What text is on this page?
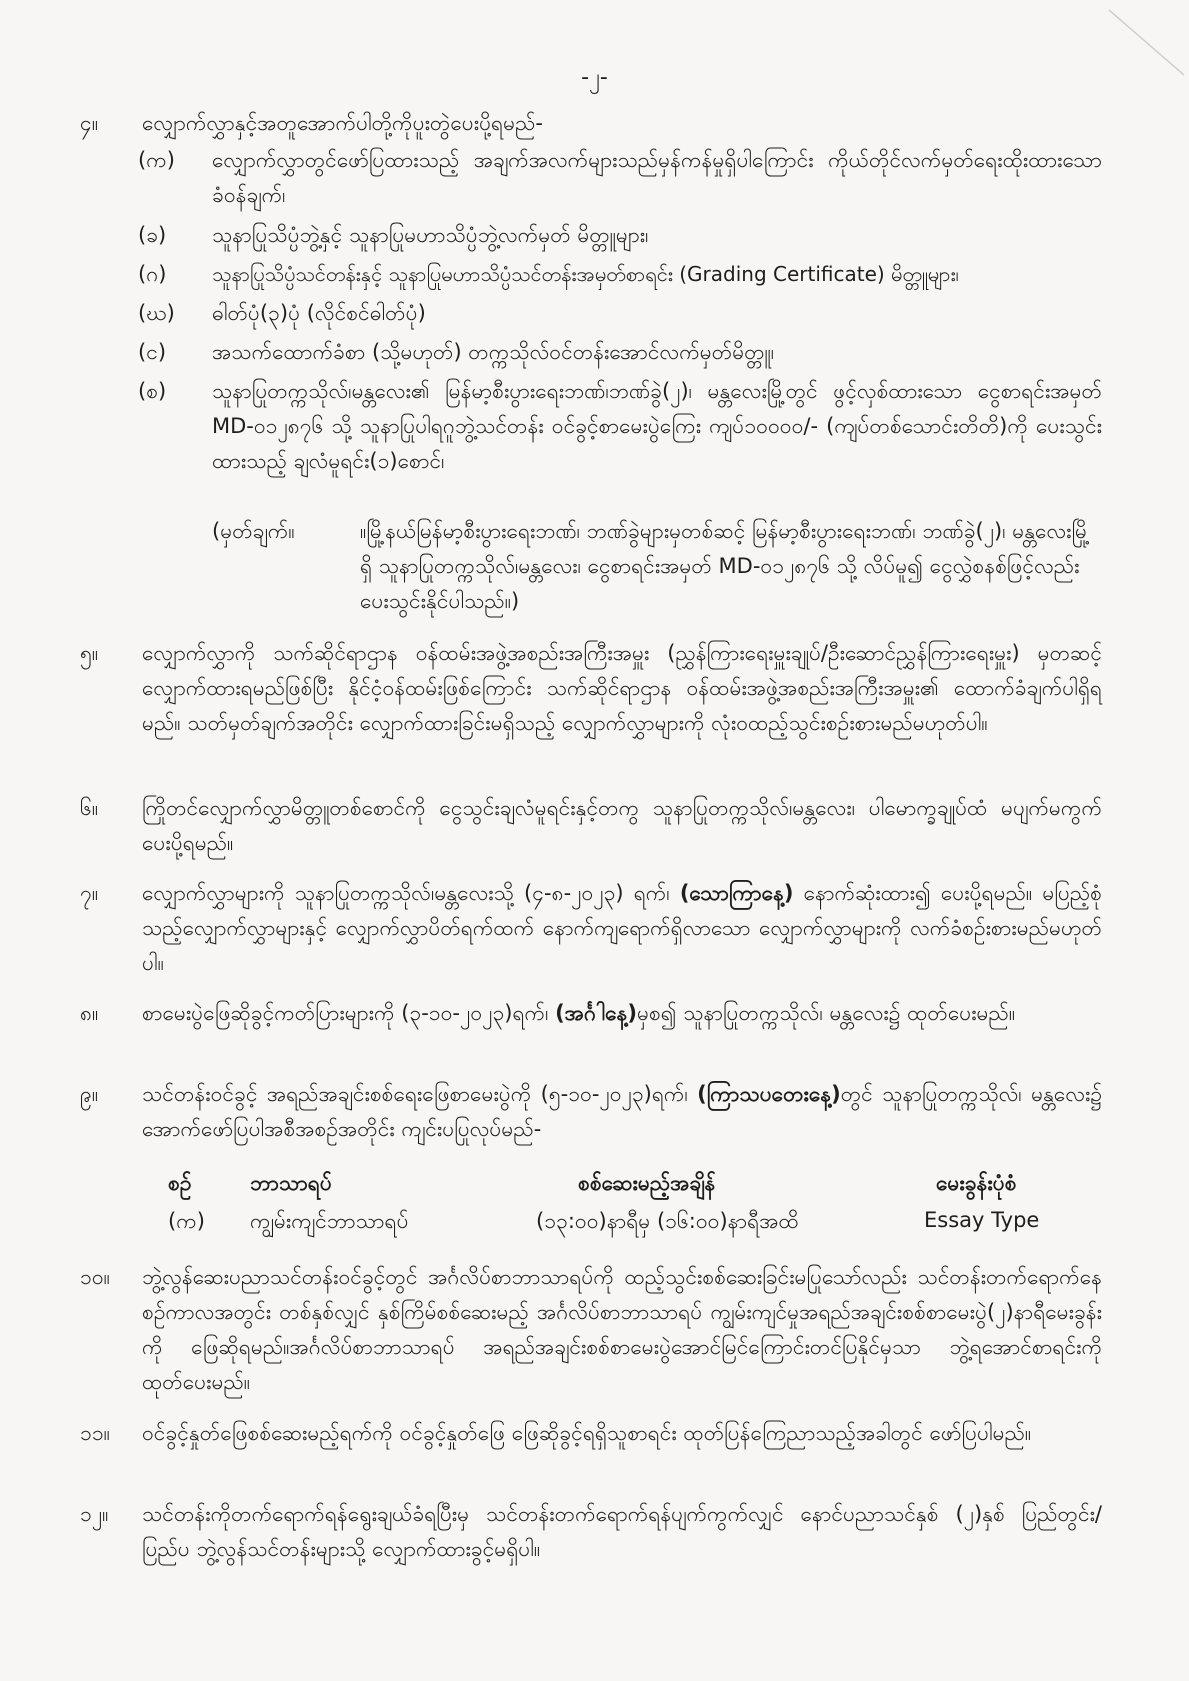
-၂-
၄။	လျှောက်လွှာနှင့်အတူအောက်ပါတို့ကိုပူးတွဲပေးပို့ရမည်-
(က)	လျှောက်လွှာတွင်ဖော်ပြထားသည့် အချက်အလက်များသည်မှန်ကန်မှုရှိပါကြောင်း ကိုယ်တိုင်လက်မှတ်ရေးထိုးထားသော ခံဝန်ချက်၊
(ခ)	သူနာပြုသိပ္ပံဘွဲ့နှင့် သူနာပြုမဟာသိပ္ပံဘွဲ့လက်မှတ် မိတ္တူများ၊
(ဂ)	သူနာပြုသိပ္ပံသင်တန်းနှင့် သူနာပြုမဟာသိပ္ပံသင်တန်းအမှတ်စာရင်း (Grading Certificate) မိတ္တူများ၊
(ဃ)	ဓါတ်ပုံ(၃)ပုံ (လိုင်စင်ဓါတ်ပုံ)
(င)	အသက်ထောက်ခံစာ (သို့မဟုတ်) တက္ကသိုလ်ဝင်တန်းအောင်လက်မှတ်မိတ္တူ၊
(စ)	သူနာပြုတက္ကသိုလ်၊မန္တလေး၏ မြန်မာ့စီးပွားရေးဘဏ်၊ဘဏ်ခွဲ(၂)၊ မန္တလေးမြို့တွင် ဖွင့်လှစ်ထားသော ငွေစာရင်းအမှတ် MD-၀၁၂၈၇၆ သို့ သူနာပြုပါရဂူဘွဲ့သင်တန်း ဝင်ခွင့်စာမေးပွဲကြေး ကျပ်၁၀၀၀၀/- (ကျပ်တစ်သောင်းတိတိ)ကို ပေးသွင်းထားသည့် ချလံမူရင်း(၁)စောင်၊
(မှတ်ချက်။	။မြို့နယ်မြန်မာ့စီးပွားရေးဘဏ်၊ ဘဏ်ခွဲများမှတစ်ဆင့် မြန်မာ့စီးပွားရေးဘဏ်၊ ဘဏ်ခွဲ(၂)၊ မန္တလေးမြို့ရှိ သူနာပြုတက္ကသိုလ်၊မန္တလေး၊ ငွေစာရင်းအမှတ် MD-၀၁၂၈၇၆ သို့ လိပ်မူ၍ ငွေလွှဲစနစ်ဖြင့်လည်း ပေးသွင်းနိုင်ပါသည်။)
၅။	လျှောက်လွှာကို သက်ဆိုင်ရာဌာန ဝန်ထမ်းအဖွဲ့အစည်းအကြီးအမှူး (ညွှန်ကြားရေးမှူးချုပ်/ဦးဆောင်ညွှန်ကြားရေးမှူး) မှတဆင့် လျှောက်ထားရမည်ဖြစ်ပြီး နိုင်ငံ့ဝန်ထမ်းဖြစ်ကြောင်း သက်ဆိုင်ရာဌာန ဝန်ထမ်းအဖွဲ့အစည်းအကြီးအမှူး၏ ထောက်ခံချက်ပါရှိရမည်။ သတ်မှတ်ချက်အတိုင်း လျှောက်ထားခြင်းမရှိသည့် လျှောက်လွှာများကို လုံးဝထည့်သွင်းစဉ်းစားမည်မဟုတ်ပါ။
၆။	ကြိုတင်လျှောက်လွှာမိတ္တူတစ်စောင်ကို ငွေသွင်းချလံမူရင်းနှင့်တကွ သူနာပြုတက္ကသိုလ်၊မန္တလေး၊ ပါမောက္ခချုပ်ထံ မပျက်မကွက် ပေးပို့ရမည်။
၇။	လျှောက်လွှာများကို သူနာပြုတက္ကသိုလ်၊မန္တလေးသို့ (၄-၈-၂၀၂၃) ရက်၊ (သောကြာနေ့) နောက်ဆုံးထား၍ ပေးပို့ရမည်။ မပြည့်စုံသည့်လျှောက်လွှာများနှင့် လျှောက်လွှာပိတ်ရက်ထက် နောက်ကျရောက်ရှိလာသော လျှောက်လွှာများကို လက်ခံစဉ်းစားမည်မဟုတ်ပါ။
၈။	စာမေးပွဲဖြေဆိုခွင့်ကတ်ပြားများကို (၃-၁၀-၂၀၂၃)ရက်၊ (အင်္ဂါနေ့)မှစ၍ သူနာပြုတက္ကသိုလ်၊ မန္တလေး၌ ထုတ်ပေးမည်။
၉။	သင်တန်းဝင်ခွင့် အရည်အချင်းစစ်ရေးဖြေစာမေးပွဲကို (၅-၁၀-၂၀၂၃)ရက်၊ (ကြာသပတေးနေ့)တွင် သူနာပြုတက္ကသိုလ်၊ မန္တလေး၌ အောက်ဖော်ပြပါအစီအစဉ်အတိုင်း ကျင်းပပြုလုပ်မည်-
စဉ်	ဘာသာရပ်	စစ်ဆေးမည့်အချိန်	မေးခွန်းပုံစံ
(က) ကျွမ်းကျင်ဘာသာရပ်	(၁၃:၀၀)နာရီမှ (၁၆:၀၀)နာရီအထိ	Essay Type
၁၀။	ဘွဲ့လွန်ဆေးပညာသင်တန်းဝင်ခွင့်တွင် အင်္ဂလိပ်စာဘာသာရပ်ကို ထည့်သွင်းစစ်ဆေးခြင်းမပြုသော်လည်း သင်တန်းတက်ရောက်နေစဉ်ကာလအတွင်း တစ်နှစ်လျှင် နှစ်ကြိမ်စစ်ဆေးမည့် အင်္ဂလိပ်စာဘာသာရပ် ကျွမ်းကျင်မှုအရည်အချင်းစစ်စာမေးပွဲ(၂)နာရီမေးခွန်းကို ဖြေဆိုရမည်။အင်္ဂလိပ်စာဘာသာရပ် အရည်အချင်းစစ်စာမေးပွဲအောင်မြင်ကြောင်းတင်ပြနိုင်မှသာ ဘွဲ့ရအောင်စာရင်းကို ထုတ်ပေးမည်။
၁၁။	ဝင်ခွင့်နှုတ်ဖြေစစ်ဆေးမည့်ရက်ကို ဝင်ခွင့်နှုတ်ဖြေ ဖြေဆိုခွင့်ရရှိသူစာရင်း ထုတ်ပြန်ကြေညာသည့်အခါတွင် ဖော်ပြပါမည်။
၁၂။	သင်တန်းကိုတက်ရောက်ရန်ရွေးချယ်ခံရပြီးမှ သင်တန်းတက်ရောက်ရန်ပျက်ကွက်လျှင် နောင်ပညာသင်နှစ် (၂)နှစ် ပြည်တွင်း/ပြည်ပ ဘွဲ့လွန်သင်တန်းများသို့ လျှောက်ထားခွင့်မရှိပါ။
